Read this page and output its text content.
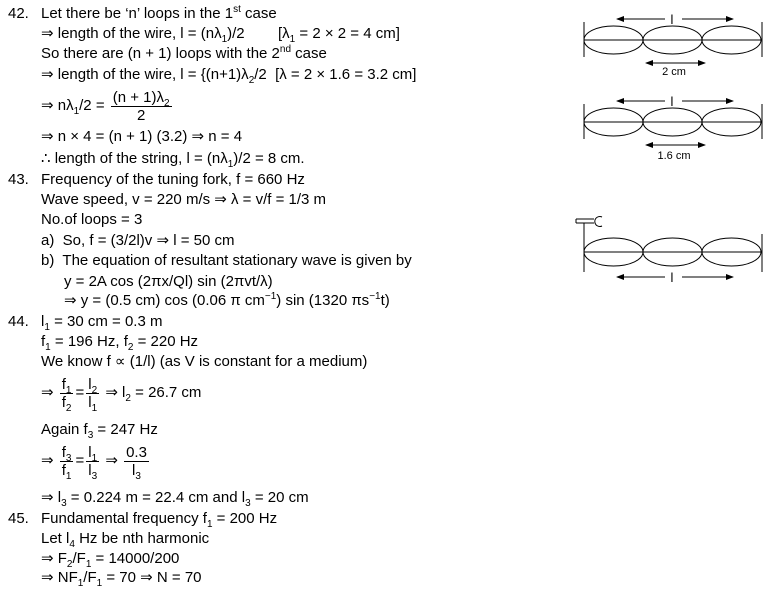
42. Let there be ‘n’ loops in the 1st case
⇒ length of the wire, $l = (n\lambda_1)/2$        [$\lambda_1 = 2 \times 2 = 4$ cm]
So there are (n + 1) loops with the 2nd case
⇒ length of the wire, $l = \{(n+1)\lambda_2/2$  [λ = 2 × 1.6 = 3.2 cm]
⇒ $n\lambda_1/2 = \frac{(n + 1)\lambda_2}{2}$
⇒ n × 4 = (n + 1) (3.2) ⇒ n = 4
∴ length of the string, $l = (n\lambda_1)/2 = 8$ cm.
43. Frequency of the tuning fork, f = 660 Hz
Wave speed, v = 220 m/s ⇒ λ = v/f = 1/3 m
No.of loops = 3
a)  So, f = (3/2l)v ⇒ l = 50 cm
b)  The equation of resultant stationary wave is given by
y = 2A cos (2πx/Ql) sin (2πvt/λ)
⇒ y = (0.5 cm) cos (0.06 π $cm^{-1}$) sin (1320 $\pi s^{-1}t$)
44. $l_1 = 30$ cm = 0.3 m
$f_1 = 196$ Hz, $f_2 = 220$ Hz
We know f ∝ (1/l) (as V is constant for a medium)
⇒ $\frac{f_1}{f_2} = \frac{l_2}{l_1}$ ⇒ $l_2 = 26.7$ cm
Again $f_3 = 247$ Hz
⇒ $\frac{f_3}{f_1} = \frac{l_1}{l_3}$ ⇒ $\frac{0.3}{l_3}$
⇒ $l_3 = 0.224$ m = 22.4 cm and $l_3 = 20$ cm
45. Fundamental frequency $f_1 = 200$ Hz
Let $l_4$ Hz be nth harmonic
⇒ $F_2/F_1 = 14000/200$
⇒ $NF_1/F_1 = 70$ ⇒ N = 70
l
2 cm
l
1.6 cm
l
